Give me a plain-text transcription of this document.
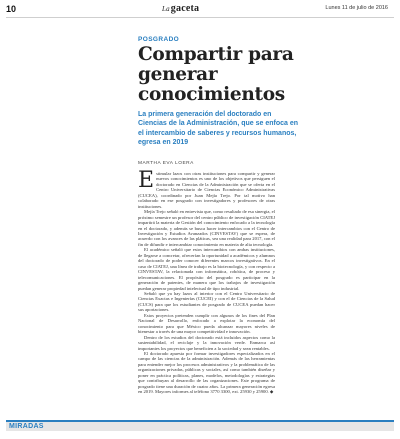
10	Lagaceta	Lunes 11 de julio de 2016
POSGRADO
Compartir para generar conocimientos
La primera generación del doctorado en Ciencias de la Administración, que se enfoca en el intercambio de saberes y recursos humanos, egresa en 2019
MARTHA EVA LOERA

Estimular lazos con otras instituciones para compartir y generar nuevos conocimientos es uno de los objetivos que persiguen el doctorado en Ciencias de la Administración que se oferta en el Centro Universitario de Ciencias Económico Administrativas (CUCEA), coordinado por Juan Mejía Trejo. Por tal motivo han colaborado en ese posgrado con investigadores y profesores de otras instituciones.

Mejía Trejo señaló en entrevista que, como resultado de esa sinergia, el próximo semestre un profesor del centro público de investigación CIATEJ impartirá la materia de Gestión del conocimiento enfocado a la tecnología en el doctorado, y además se busca hacer intercambios con el Centro de Investigación y Estudios Avanzados (CINVESTAV) que se espera, de acuerdo con los avances de las pláticas, sea una realidad para 2017, con el fin de difundir e intercambiar conocimiento en materia de alta tecnología.

El académico señaló que estos intercambios con ambas instituciones, de llegarse a concretar, ofrecerían la oportunidad a académicos y alumnos del doctorado de poder conocer diferentes marcos investigativos. En el caso de CIATEJ, una línea de trabajo es la biotecnología, y con respecto a CINVESTAV, la relacionada con informática, robótica, de proceso y telecomunicaciones. El propósito del posgrado es participar en la generación de patentes, de manera que los trabajos de investigación puedan generar propiedad intelectual de tipo industrial.

Señaló que ya hay lazos al interior con el Centro Universitario de Ciencias Exactas e Ingenierías (CUCEI) y con el de Ciencias de la Salud (CUCS) para que los estudiantes de posgrado de CUCEA puedan hacer sus aportaciones.

Estos proyectos pretenden cumplir con algunos de los fines del Plan Nacional de Desarrollo, enfocado a explotar la economía del conocimiento para que México pueda alcanzar mayores niveles de bienestar a través de una mayor competitividad e innovación.

Dentro de los estudios del doctorado está incluidos aspectos como la sustentabilidad, el reciclaje y la innovación verde. Enmarca así importantes los proyectos que beneficien a la sociedad y sean rentables.

El doctorado apuesta por formar investigadores especializados en el campo de las ciencias de la administración. Además de las herramientas para entender mejor los procesos administrativos y la problemática de las organizaciones privadas, públicas y sociales, así como también diseñar y poner en práctica políticas, planes, modelos, metodologías y estrategias que contribuyan al desarrollo de las organizaciones. Este programa de posgrado tiene una duración de cuatro años. La primera generación egresa en 2019. Mayores informes al teléfono 3770 3300, ext. 25930 y 25900. ◆

MIRADAS
